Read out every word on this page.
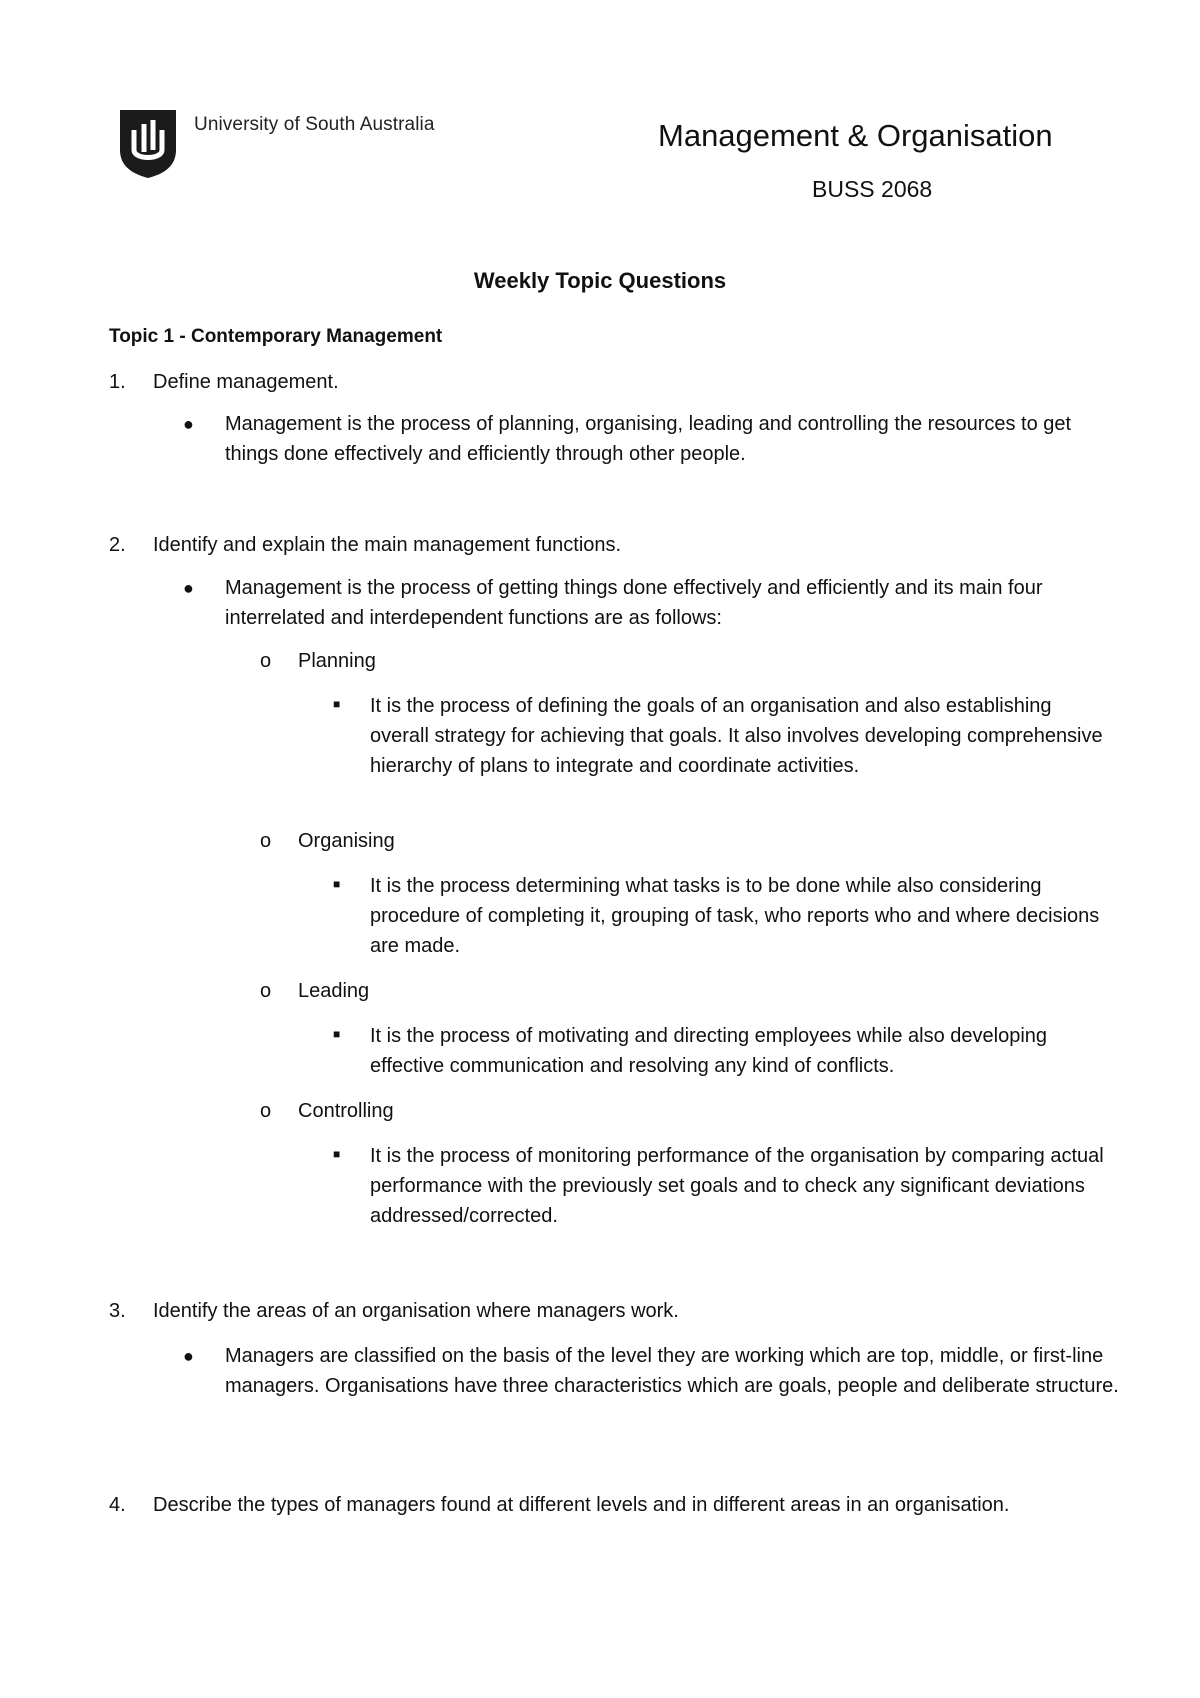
University of South Australia	Management & Organisation
BUSS 2068
Weekly Topic Questions
Topic 1 - Contemporary Management
1. Define management.
● Management is the process of planning, organising, leading and controlling the resources to get things done effectively and efficiently through other people.
2. Identify and explain the main management functions.
● Management is the process of getting things done effectively and efficiently and its main four interrelated and interdependent functions are as follows:
o Planning
■ It is the process of defining the goals of an organisation and also establishing overall strategy for achieving that goals. It also involves developing comprehensive hierarchy of plans to integrate and coordinate activities.
o Organising
■ It is the process determining what tasks is to be done while also considering procedure of completing it, grouping of task, who reports who and where decisions are made.
o Leading
■ It is the process of motivating and directing employees while also developing effective communication and resolving any kind of conflicts.
o Controlling
■ It is the process of monitoring performance of the organisation by comparing actual performance with the previously set goals and to check any significant deviations addressed/corrected.
3. Identify the areas of an organisation where managers work.
● Managers are classified on the basis of the level they are working which are top, middle, or first-line managers. Organisations have three characteristics which are goals, people and deliberate structure.
4. Describe the types of managers found at different levels and in different areas in an organisation.
